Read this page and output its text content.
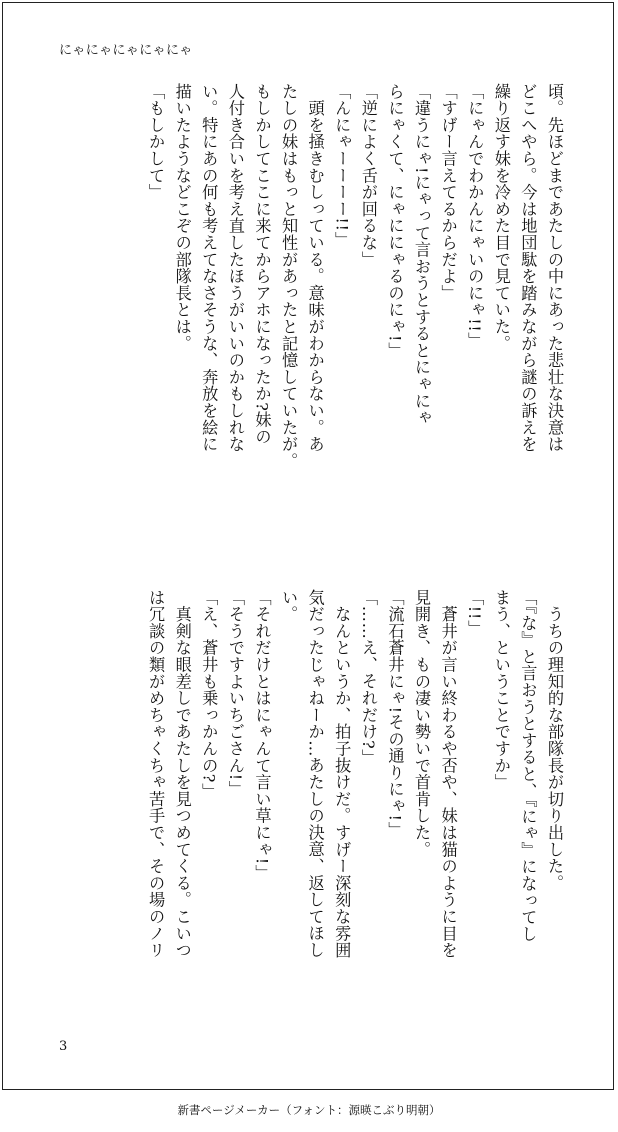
にゃにゃにゃにゃにゃ
頃。先ほどまであたしの中にあった悲壮な決意は
どこへやら。今は地団駄を踏みながら謎の訴えを
繰り返す妹を冷めた目で見ていた。
「にゃんでわかんにゃいのにゃ!!」
「すげー言えてるからだよ」
「違うにゃ!にゃって言おうとするとにゃにゃ
らにゃくて、にゃににゃるのにゃ!」
「逆によく舌が回るな」
「んにゃーーーー!!」
　頭を掻きむしっている。意味がわからない。あ
たしの妹はもっと知性があったと記憶していたが。
もしかしてここに来てからアホになったか?妹の
人付き合いを考え直したほうがいいのかもしれな
い。特にあの何も考えてなさそうな、奔放を絵に
描いたようなどこぞの部隊長とは。
「もしかして」
　うちの理知的な部隊長が切り出した。
「『な』と言おうとすると、『にゃ』になってし
まう、ということですか」
「!!」
　蒼井が言い終わるや否や、妹は猫のように目を
見開き、もの凄い勢いで首肯した。
「流石蒼井にゃ!その通りにゃ!」
「……え、それだけ?」
　なんというか、拍子抜けだ。すげー深刻な雰囲
気だったじゃねーか…あたしの決意、返してほし
い。
「それだけとはにゃんて言い草にゃ!」
「そうですよいちごさん!」
「え、蒼井も乗っかんの?」
　真剣な眼差しであたしを見つめてくる。こいつ
は冗談の類がめちゃくちゃ苦手で、その場のノリ
3
新書ページメーカー（フォント：源暎こぶり明朝）
